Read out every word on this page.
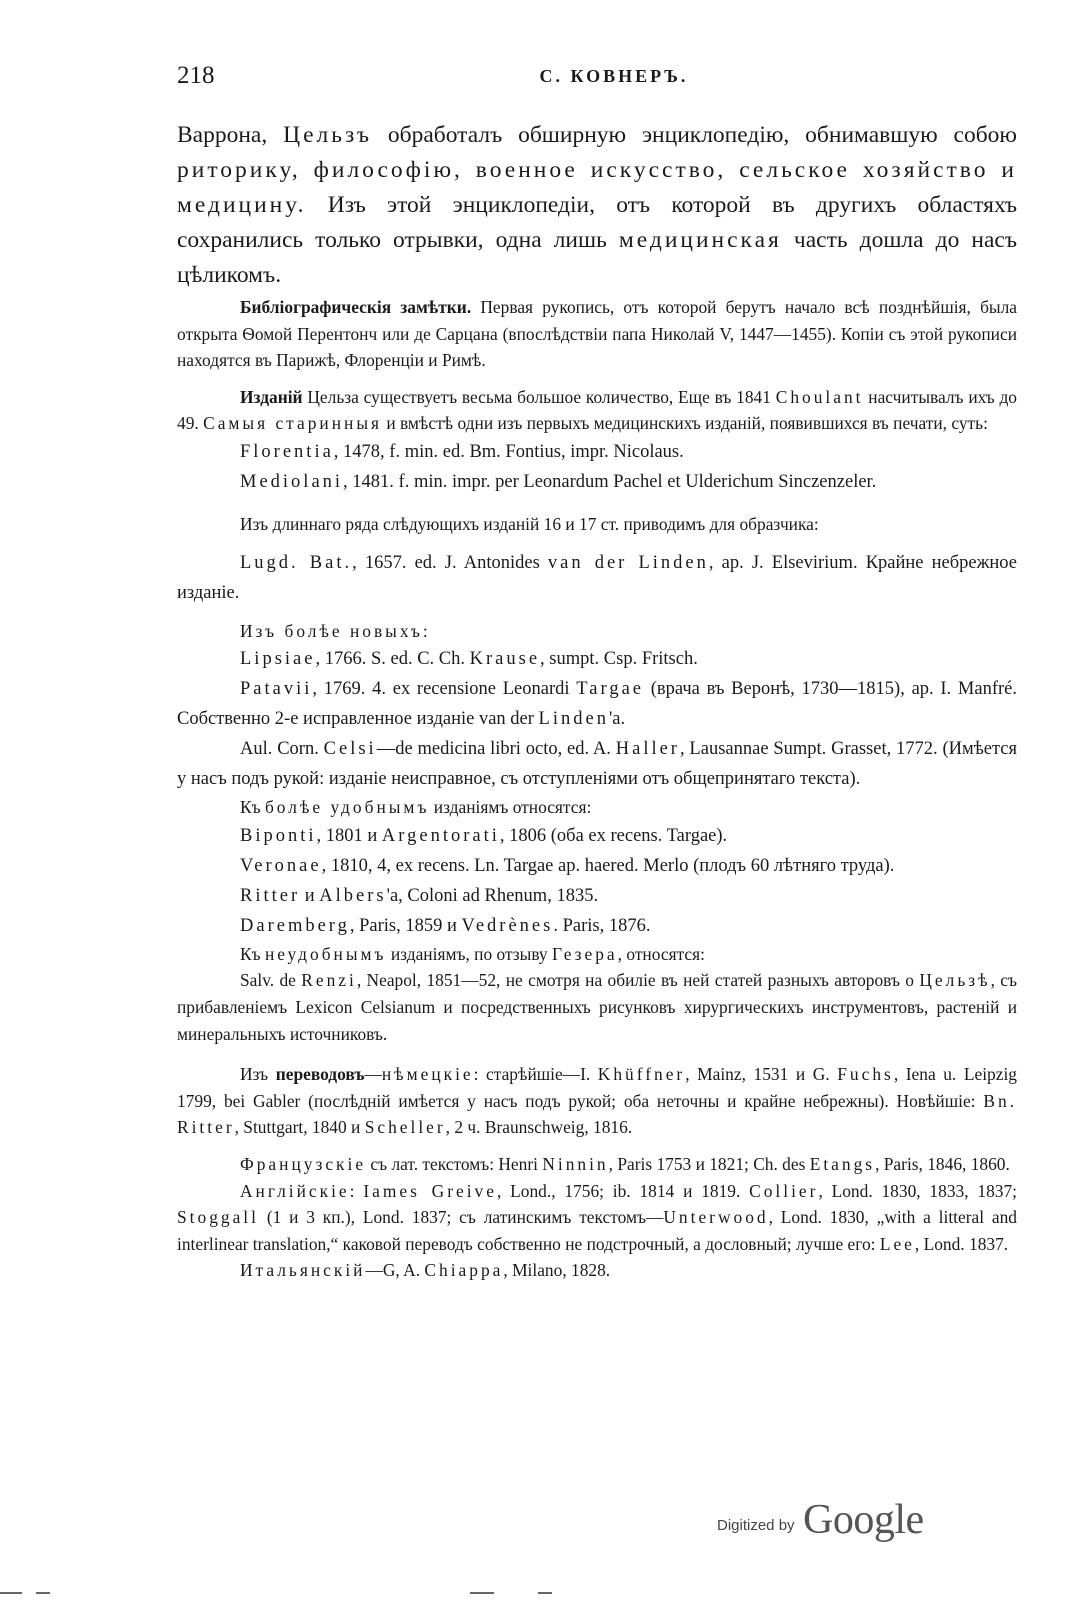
218	С. КОВНЕРЪ.
Варрона, Цельзъ обработалъ обширную энциклопедію, обнимавшую собою риторику, философію, военное искусство, сельское хозяйство и медицину. Изъ этой энциклопедіи, отъ которой въ другихъ областяхъ сохранились только отрывки, одна лишь медицинская часть дошла до насъ цѣликомъ.

Библіографическія замѣтки. Первая рукопись, отъ которой берутъ начало всѣ позднѣйшія, была открыта Ѳомой Перентонч или де Сарцана (впослѣдствіи папа Николай V, 1447—1455). Копіи съ этой рукописи находятся въ Парижѣ, Флоренціи и Римѣ.

Изданій Цельза существуетъ весьма большое количество, Еще въ 1841 Choulant насчитывалъ ихъ до 49. Самыя старинныя и вмѣстѣ одни изъ первыхъ медицинскихъ изданій, появившихся въ печати, суть:

Florentia, 1478, f. min. ed. Bm. Fontius, impr. Nicolaus.

Mediolani, 1481. f. min. impr. per Leonardum Pachel et Ulderichum Sinczenzeler.

Изъ длиннаго ряда слѣдующихъ изданій 16 и 17 ст. приводимъ для образчика:

Lugd. Bat., 1657. ed. J. Antonides van der Linden, ap. J. Elsevirium. Крайне небрежное изданіе.

Изъ болѣе новыхъ:

Lipsiae, 1766. S. ed. C. Ch. Krause, sumpt. Csp. Fritsch.

Patavii, 1769. 4. ex recensione Leonardi Targae (врача въ Веронѣ, 1730—1815), ap. I. Manfré. Собственно 2-е исправленное изданіе van der Linden'a.

Aul. Corn. Celsi—de medicina libri octo, ed. A. Haller, Lausannae Sumpt. Grasset, 1772. (Имѣется у насъ подъ рукой: изданіе неисправное, съ отступленіями отъ общепринятаго текста).

Къ болѣе удобнымъ изданіямъ относятся:

Biponti, 1801 и Argentorati, 1806 (оба ex recens. Targae).

Veronae, 1810, 4, ex recens. Ln. Targae ap. haered. Merlo (плодъ 60 лѣтняго труда).

Ritter и Albers'a, Coloni ad Rhenum, 1835.

Daremberg, Paris, 1859 и Vedrènes. Paris, 1876.

Къ неудобнымъ изданіямъ, по отзыву Гезера, относятся:

Salv. de Renzi, Neapol, 1851—52, не смотря на обиліе въ ней статей разныхъ авторовъ о Цельзѣ, съ прибавленіемъ Lexicon Celsianum и посредственныхъ рисунковъ хирургическихъ инструментовъ, растеній и минеральныхъ источниковъ.

Изъ переводовъ—нѣмецкіе: старѣйшіе—I. Khüffner, Mainz, 1531 и G. Fuchs, Iena u. Leipzig 1799, bei Gabler (послѣдній имѣется у насъ подъ рукой; оба неточны и крайне небрежны). Новѣйшіе: Bn. Ritter, Stuttgart, 1840 и Scheller, 2 ч. Braunschweig, 1816.

Французскіе съ лат. текстомъ: Henri Ninnin, Paris 1753 и 1821; Ch. des Etangs, Paris, 1846, 1860.

Англійскіе: Iames Greive, Lond., 1756; ib. 1814 и 1819. Collier, Lond. 1830, 1833, 1837; Stoggall (1 и 3 кп.), Lond. 1837; съ латинскимъ текстомъ—Unterwood, Lond. 1830, „with a litteral and interlinear translation,“ каковой переводъ собственно не подстрочный, а дословный; лучше его: Lee, Lond. 1837.

Итальянскій—G, A. Chiappa, Milano, 1828.

Digitized by Google
